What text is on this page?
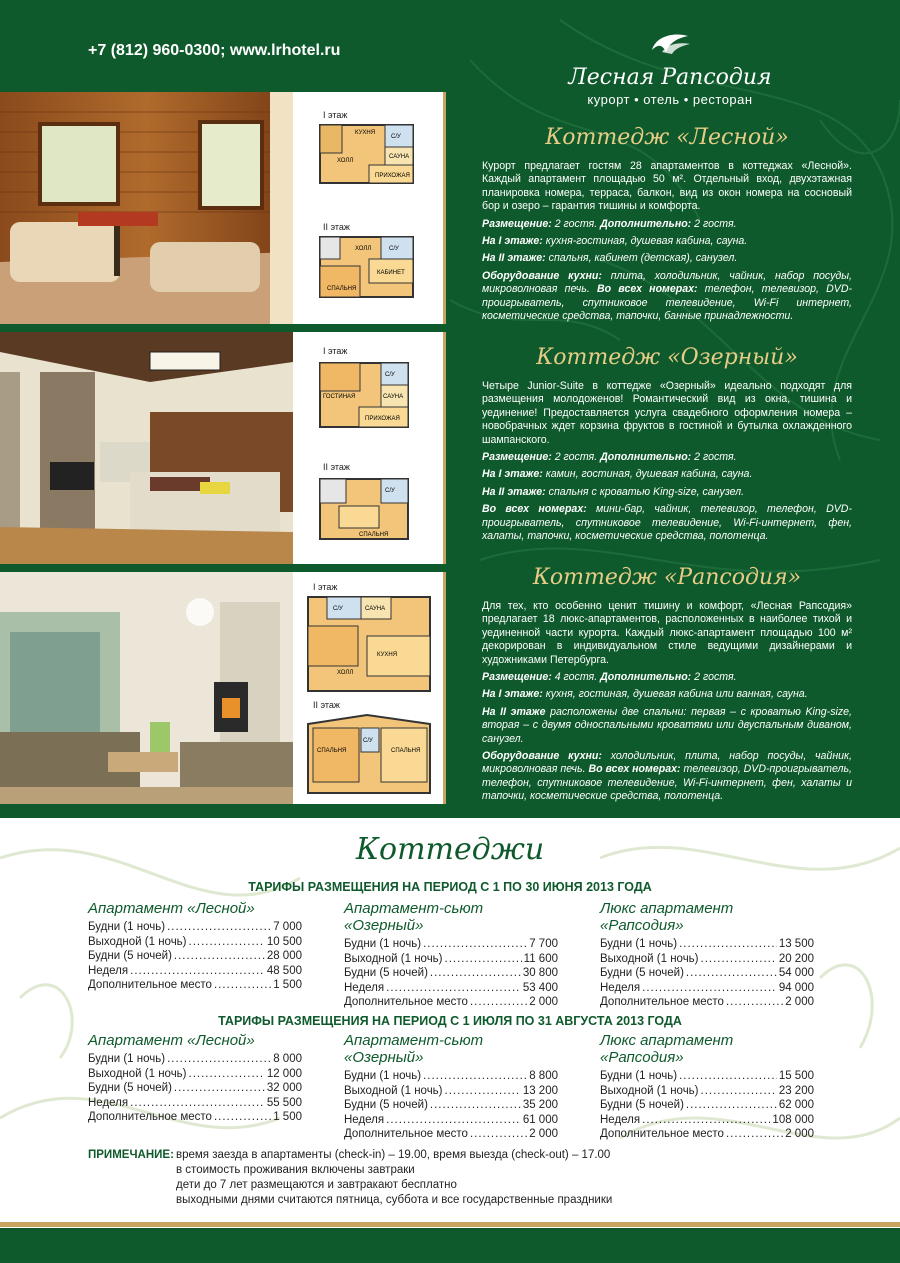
+7 (812) 960-0300; www.lrhotel.ru
Лесная Рапсодия
курорт • отель • ресторан
I этаж
КУХНЯ
ХОЛЛ
С/У
САУНА
ПРИХОЖАЯ
II этаж
С/У
ХОЛЛ
КАБИНЕТ
СПАЛЬНЯ
I этаж
ГОСТИНАЯ
С/У
САУНА
ПРИХОЖАЯ
II этаж
С/У
СПАЛЬНЯ
I этаж
С/У	САУНА
ХОЛЛ
КУХНЯ
II этаж
СПАЛЬНЯ	СПАЛЬНЯ
С/У
Коттедж «Лесной»

Курорт предлагает гостям 28 апартаментов в коттеджах «Лесной». Каждый апартамент площадью 50 м². Отдельный вход, двухэтажная планировка номера, терраса, балкон, вид из окон номера на сосновый бор и озеро – гарантия тишины и комфорта.

Размещение: 2 гостя. Дополнительно: 2 гостя.

На I этаже: кухня-гостиная, душевая кабина, сауна.

На II этаже: спальня, кабинет (детская), санузел.

Оборудование кухни: плита, холодильник, чайник, набор посуды, микроволновая печь. Во всех номерах: телефон, телевизор, DVD-проигрыватель, спутниковое телевидение, Wi-Fi интернет, косметические средства, тапочки, банные принадлежности.

Коттедж «Озерный»

Четыре Junior-Suite в коттедже «Озерный» идеально подходят для размещения молодоженов! Романтический вид из окна, тишина и уединение! Предоставляется услуга свадебного оформления номера – новобрачных ждет корзина фруктов в гостиной и бутылка охлажденного шампанского.

Размещение: 2 гостя. Дополнительно: 2 гостя.

На I этаже: камин, гостиная, душевая кабина, сауна.

На II этаже: спальня с кроватью King-size, санузел.

Во всех номерах: мини-бар, чайник, телевизор, телефон, DVD-проигрыватель, спутниковое телевидение, Wi-Fi-интернет, фен, халаты, тапочки, косметические средства, полотенца.

Коттедж «Рапсодия»

Для тех, кто особенно ценит тишину и комфорт, «Лесная Рапсодия» предлагает 18 люкс-апартаментов, расположенных в наиболее тихой и уединенной части курорта. Каждый люкс-апартамент площадью 100 м² декорирован в индивидуальном стиле ведущими дизайнерами и художниками Петербурга.

Размещение: 4 гостя. Дополнительно: 2 гостя.

На I этаже: кухня, гостиная, душевая кабина или ванная, сауна.

На II этаже расположены две спальни: первая – с кроватью King-size, вторая – с двумя односпальными кроватями или двуспальным диваном, санузел.

Оборудование кухни: холодильник, плита, набор посуды, чайник, микроволновая печь. Во всех номерах: телевизор, DVD-проигрыватель, телефон, спутниковое телевидение, Wi-Fi-интернет, фен, халаты и тапочки, косметические средства, полотенца.

Коттеджи
ТАРИФЫ РАЗМЕЩЕНИЯ НА ПЕРИОД С 1 ПО 30 ИЮНЯ 2013 ГОДА
Апартамент «Лесной»
Будни (1 ночь) .....	7 000
Выходной (1 ночь) .....	10 500
Будни (5 ночей) .....	28 000
Неделя .....	48 500
Дополнительное место .....	1 500
Апартамент-сьют «Озерный»
Будни (1 ночь) .....	7 700
Выходной (1 ночь) .....	11 600
Будни (5 ночей) .....	30 800
Неделя .....	53 400
Дополнительное место .....	2 000
Люкс апартамент «Рапсодия»
Будни (1 ночь) .....	13 500
Выходной (1 ночь) .....	20 200
Будни (5 ночей) .....	54 000
Неделя .....	94 000
Дополнительное место .....	2 000
ТАРИФЫ РАЗМЕЩЕНИЯ НА ПЕРИОД С 1 ИЮЛЯ ПО 31 АВГУСТА 2013 ГОДА
Апартамент «Лесной»
Будни (1 ночь) .....	8 000
Выходной (1 ночь) .....	12 000
Будни (5 ночей) .....	32 000
Неделя .....	55 500
Дополнительное место .....	1 500
Апартамент-сьют «Озерный»
Будни (1 ночь) .....	8 800
Выходной (1 ночь) .....	13 200
Будни (5 ночей) .....	35 200
Неделя .....	61 000
Дополнительное место .....	2 000
Люкс апартамент «Рапсодия»
Будни (1 ночь) .....	15 500
Выходной (1 ночь) .....	23 200
Будни (5 ночей) .....	62 000
Неделя .....	108 000
Дополнительное место .....	2 000
ПРИМЕЧАНИЕ: время заезда в апартаменты (check-in) – 19.00, время выезда (check-out) – 17.00
в стоимость проживания включены завтраки
дети до 7 лет размещаются и завтракают бесплатно
выходными днями считаются пятница, суббота и все государственные праздники
